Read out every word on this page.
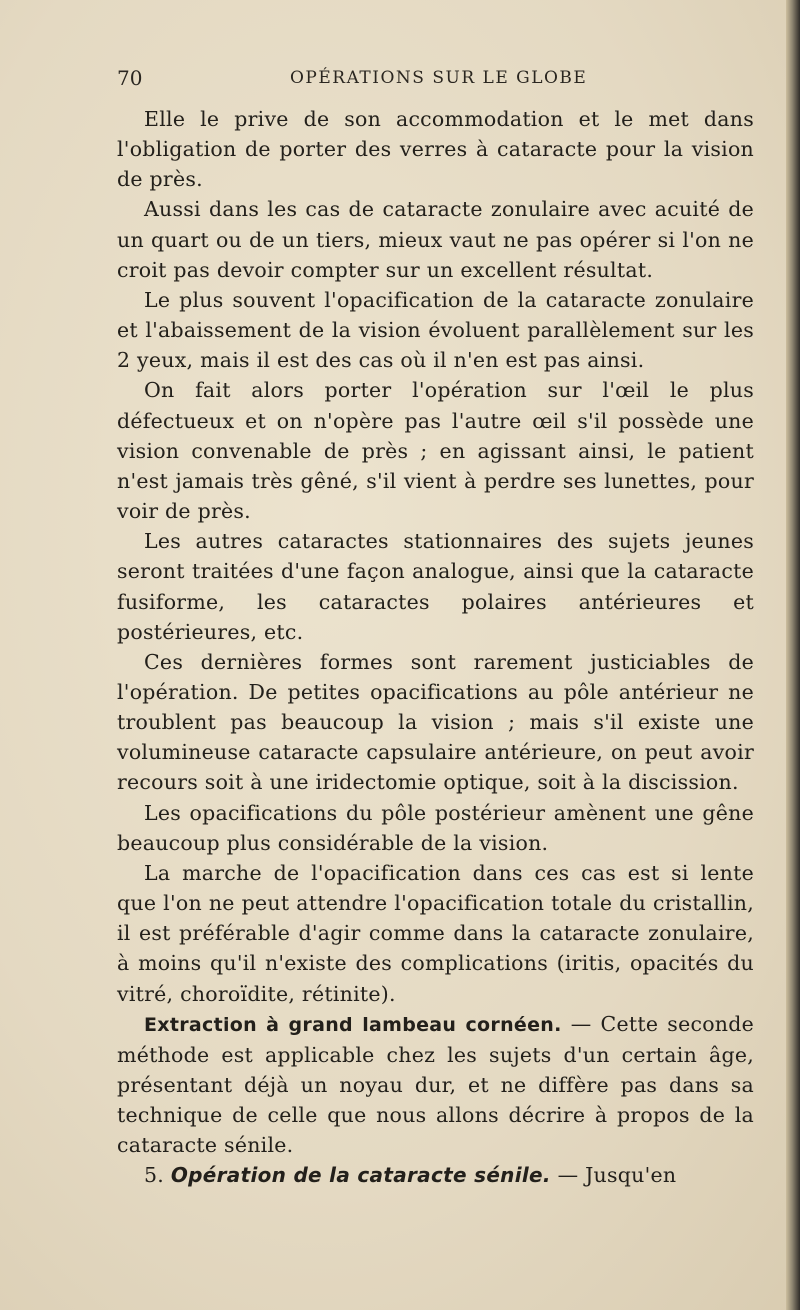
70	OPÉRATIONS SUR LE GLOBE

Elle le prive de son accommodation et le met dans l'obligation de porter des verres à cataracte pour la vision de près.

Aussi dans les cas de cataracte zonulaire avec acuité de un quart ou de un tiers, mieux vaut ne pas opérer si l'on ne croit pas devoir compter sur un excellent résultat.

Le plus souvent l'opacification de la cataracte zonulaire et l'abaissement de la vision évoluent parallèlement sur les 2 yeux, mais il est des cas où il n'en est pas ainsi.

On fait alors porter l'opération sur l'œil le plus défectueux et on n'opère pas l'autre œil s'il possède une vision convenable de près ; en agissant ainsi, le patient n'est jamais très gêné, s'il vient à perdre ses lunettes, pour voir de près.

Les autres cataractes stationnaires des sujets jeunes seront traitées d'une façon analogue, ainsi que la cataracte fusiforme, les cataractes polaires antérieures et postérieures, etc.

Ces dernières formes sont rarement justiciables de l'opération. De petites opacifications au pôle antérieur ne troublent pas beaucoup la vision ; mais s'il existe une volumineuse cataracte capsulaire antérieure, on peut avoir recours soit à une iridectomie optique, soit à la discission.

Les opacifications du pôle postérieur amènent une gêne beaucoup plus considérable de la vision.

La marche de l'opacification dans ces cas est si lente que l'on ne peut attendre l'opacification totale du cristallin, il est préférable d'agir comme dans la cataracte zonulaire, à moins qu'il n'existe des complications (iritis, opacités du vitré, choroïdite, rétinite).

Extraction à grand lambeau cornéen. — Cette seconde méthode est applicable chez les sujets d'un certain âge, présentant déjà un noyau dur, et ne diffère pas dans sa technique de celle que nous allons décrire à propos de la cataracte sénile.

5. Opération de la cataracte sénile. — Jusqu'en
